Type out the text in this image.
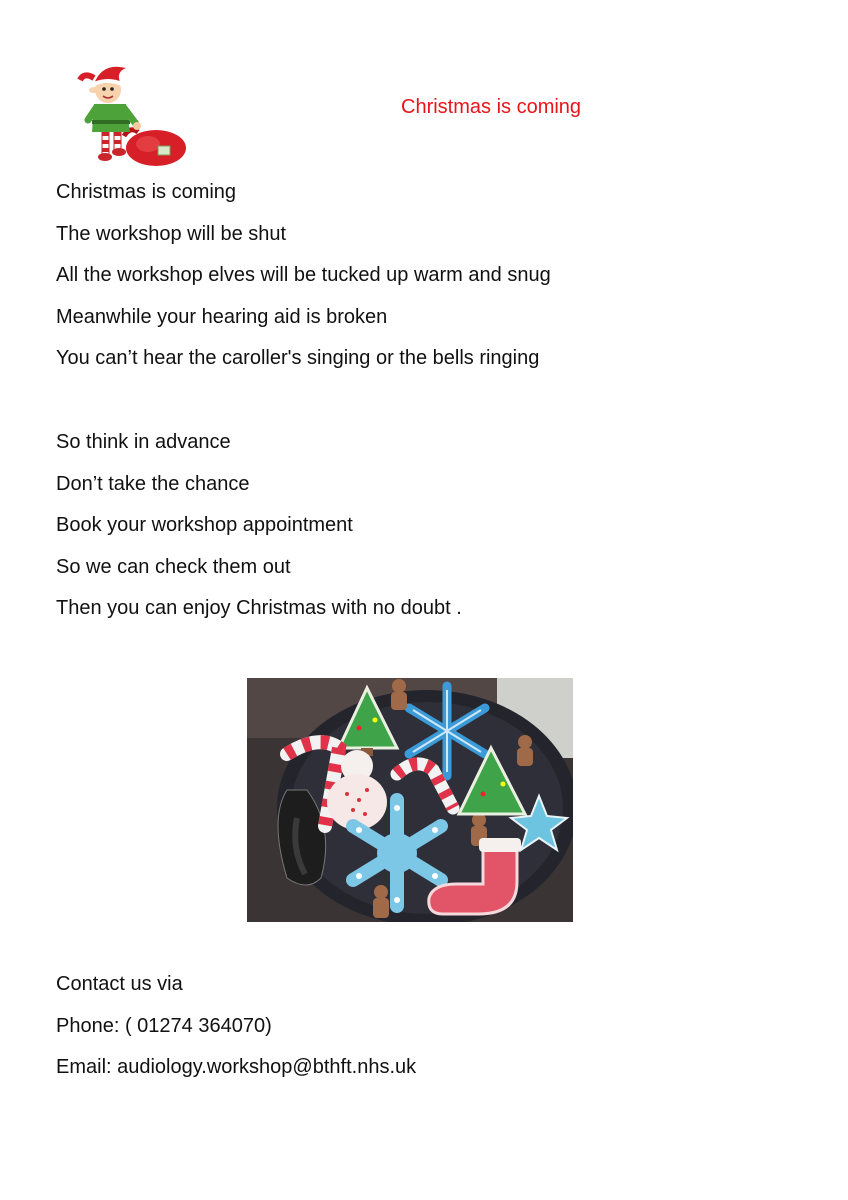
Christmas is coming
Christmas is coming
The workshop will be shut
All the workshop elves will be tucked up warm and snug
Meanwhile your hearing aid is broken
You can’t hear the caroller's singing or the bells ringing
So think in advance
Don’t take the chance
Book your workshop appointment
So we can check them out
Then you can enjoy Christmas with no doubt .
Contact us via
Phone: ( 01274 364070)
Email: audiology.workshop@bthft.nhs.uk
